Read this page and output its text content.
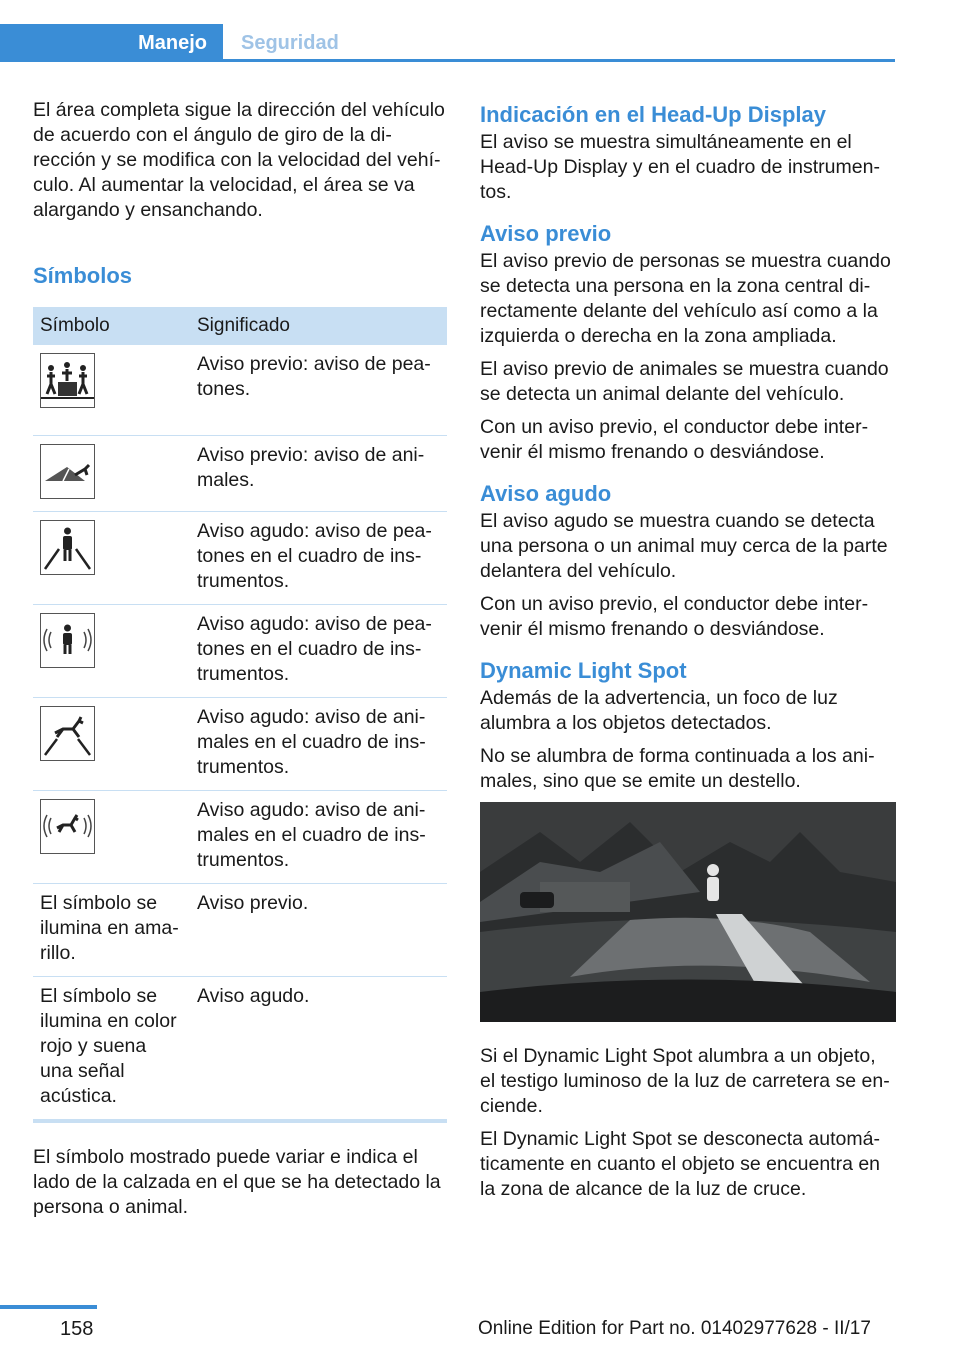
Manejo Seguridad

El área completa sigue la dirección del vehículo de acuerdo con el ángulo de giro de la dirección y se modifica con la velocidad del vehículo. Al aumentar la velocidad, el área se va alargando y ensanchando.

Símbolos
Símbolo	Significado

	Aviso previo: aviso de peatones.

	Aviso previo: aviso de animales.

	Aviso agudo: aviso de peatones en el cuadro de instrumentos.

	Aviso agudo: aviso de peatones en el cuadro de instrumentos.

	Aviso agudo: aviso de animales en el cuadro de instrumentos.

	Aviso agudo: aviso de animales en el cuadro de instrumentos.
El símbolo se ilumina en amarillo.	Aviso previo.
El símbolo se ilumina en color rojo y suena una señal acústica.	Aviso agudo.

El símbolo mostrado puede variar e indica el lado de la calzada en el que se ha detectado la persona o animal.

Indicación en el Head-Up Display

El aviso se muestra simultáneamente en el Head-Up Display y en el cuadro de instrumentos.

Aviso previo

El aviso previo de personas se muestra cuando se detecta una persona en la zona central directamente delante del vehículo así como a la izquierda o derecha en la zona ampliada.

El aviso previo de animales se muestra cuando se detecta un animal delante del vehículo.

Con un aviso previo, el conductor debe intervenir él mismo frenando o desviándose.

Aviso agudo

El aviso agudo se muestra cuando se detecta una persona o un animal muy cerca de la parte delantera del vehículo.

Con un aviso previo, el conductor debe intervenir él mismo frenando o desviándose.

Dynamic Light Spot

Además de la advertencia, un foco de luz alumbra a los objetos detectados.

No se alumbra de forma continuada a los animales, sino que se emite un destello.

Si el Dynamic Light Spot alumbra a un objeto, el testigo luminoso de la luz de carretera se enciende.

El Dynamic Light Spot se desconecta automáticamente en cuanto el objeto se encuentra en la zona de alcance de la luz de cruce.

158	Online Edition for Part no. 01402977628 - II/17
